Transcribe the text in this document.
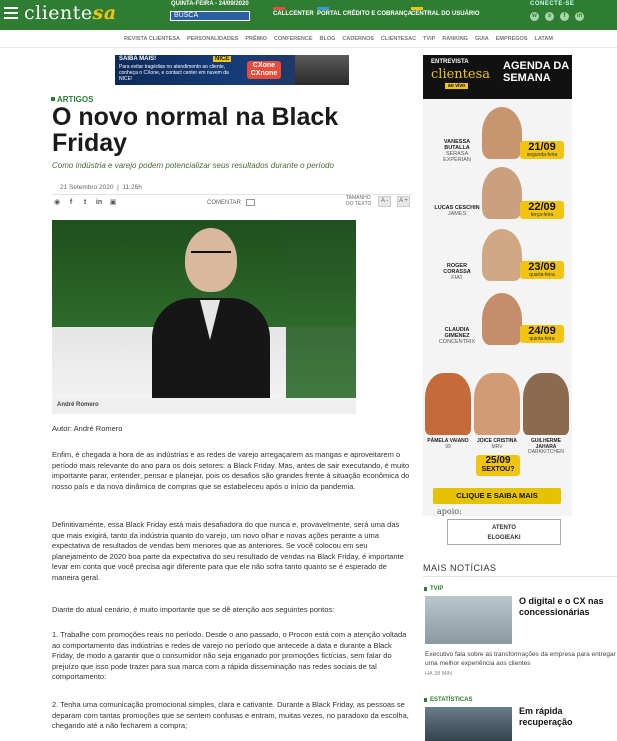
clientesa	QUINTA-FEIRA - 24/09/2020
BUSCA	CALLCENTER PORTAL CRÉDITO E COBRANÇA
CENTRAL DO USUÁRIO
CONECTE-SE
w	s	f	in
REVISTA CLIENTESA PERSONALIDADES PRÊMIO CONFERENCE BLOG CADERNOS CLIENTESAC TVIP RANKING GUIA EMPREGOS LATAM
SAIBA MAIS!
Para evitar tragédias no atendimento ao cliente, conheça o CXone, e contact center em nuvem da NICE!
NICE
CXone
CXnone
ARTIGOS
O novo normal na Black Friday
Como indústria e varejo podem potencializar seus resultados durante o período
21 Setembro 2020  |  11:26h
◉	f	t	in ▣	COMENTAR
TAMANHO DO TEXTO	A -	A +
André Romero

Autor: André Romero

Enfim, é chegada a hora de as indústrias e as redes de varejo arregaçarem as mangas e aproveitarem o período mais relevante do ano para os dois setores: a Black Friday. Mas, antes de sair executando, é muito importante parar, entender, pensar e planejar, pois os desafios são grandes frente à situação econômica do nosso país e da nova dinâmica de compras que se estabeleceu após o início da pandemia.

Definitivamente, essa Black Friday está mais desafiadora do que nunca e, provavelmente, será uma das que mais exigirá, tanto da indústria quanto do varejo, um novo olhar e novas ações perante a uma expectativa de resultados de vendas bem menores que as anteriores. Se você colocou em seu planejamento de 2020 boa parte da expectativa do seu resultado de vendas na Black Friday, é importante levar em conta que você precisa agir diferente para que ele não sofra tanto quanto se é esperado de maneira geral.

Diante do atual cenário, é muito importante que se dê atenção aos seguintes pontos:

1. Trabalhe com promoções reais no período. Desde o ano passado, o Procon está com a atenção voltada ao comportamento das indústrias e redes de varejo no período que antecede a data e durante a Black Friday, de modo a garantir que o consumidor não seja enganado por promoções fictícias, sem falar do prejuízo que isso pode trazer para sua marca com a rápida disseminação nas redes sociais de tal comportamento:

2. Tenha uma comunicação promocional simples, clara e cativante. Durante a Black Friday, as pessoas se deparam com tantas promoções que se sentem confusas e entram, muitas vezes, no paradoxo da escolha, chegando até a não fecharem a compra;

ENTREVISTA
clientesa
ao vivo
AGENDA DA SEMANA
VANESSA BUTALLA
SERASA EXPERIAN
21/09
segunda-feira
LUCAS CESCHIN
JAMES
22/09
terça-feira
ROGER CORASSA
FIAT
23/09
quarta-feira
CLAUDIA GIMENEZ
CONCENTRIX
24/09
quinta-feira
PÂMELA VAIANO
99
JOICE CRISTINA
MRV
GUILHERME JAHARA
DARKKITCHEN
25/09
SEXTOU?
CLIQUE E SAIBA MAIS
apoio:
ATENTO
ELOGIEAKI
MAIS NOTÍCIAS
TVIP
O digital e o CX nas concessionárias
Executivo fala sobre as transformações da empresa para entregar uma melhor experiência aos clientes
HÁ 38 MIN
ESTATÍSTICAS
Em rápida recuperação
